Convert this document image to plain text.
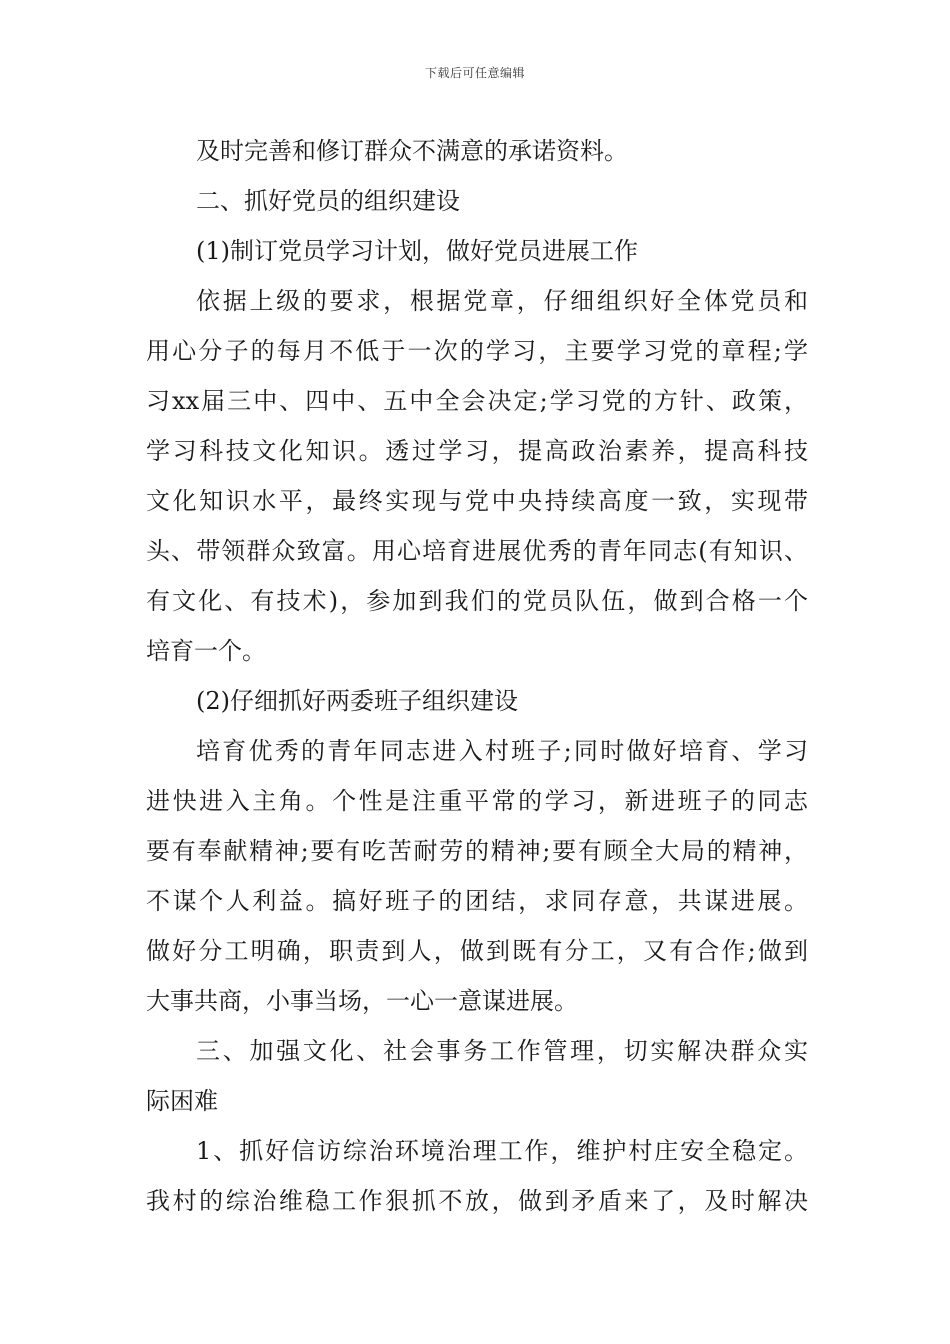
下载后可任意编辑
及时完善和修订群众不满意的承诺资料。
二、抓好党员的组织建设
(1)制订党员学习计划，做好党员进展工作
依据上级的要求，根据党章，仔细组织好全体党员和
用心分子的每月不低于一次的学习，主要学习党的章程;学
习xx届三中、四中、五中全会决定;学习党的方针、政策，
学习科技文化知识。透过学习，提高政治素养，提高科技
文化知识水平，最终实现与党中央持续高度一致，实现带
头、带领群众致富。用心培育进展优秀的青年同志(有知识、
有文化、有技术)，参加到我们的党员队伍，做到合格一个
培育一个。
(2)仔细抓好两委班子组织建设
培育优秀的青年同志进入村班子;同时做好培育、学习
进快进入主角。个性是注重平常的学习，新进班子的同志
要有奉献精神;要有吃苦耐劳的精神;要有顾全大局的精神，
不谋个人利益。搞好班子的团结，求同存意，共谋进展。
做好分工明确，职责到人，做到既有分工，又有合作;做到
大事共商，小事当场，一心一意谋进展。
三、加强文化、社会事务工作管理，切实解决群众实
际困难
1、抓好信访综治环境治理工作，维护村庄安全稳定。
我村的综治维稳工作狠抓不放，做到矛盾来了，及时解决
